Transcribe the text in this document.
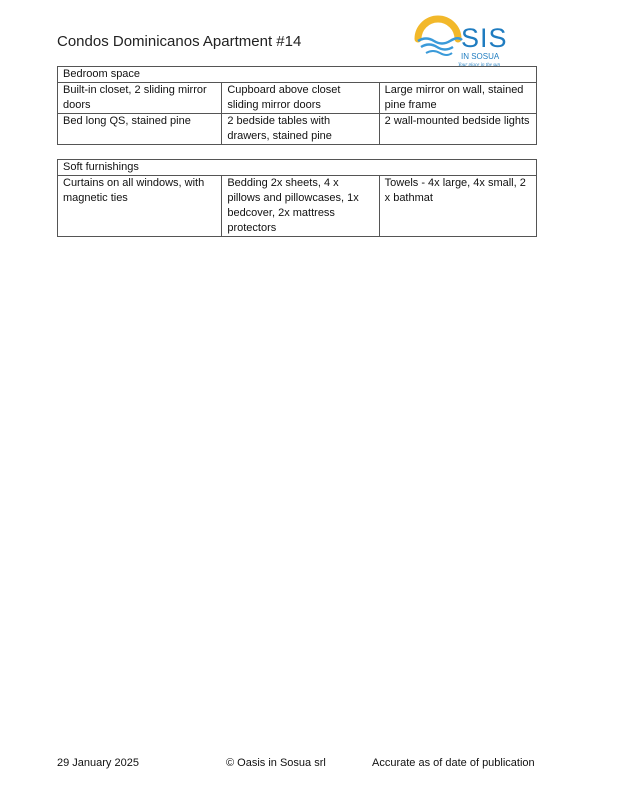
Condos Dominicanos Apartment #14	SIS
IN SOSUA
Your place in the sun
Bedroom space		
Built-in closet, 2 sliding mirror doors	Cupboard above closet sliding mirror doors	Large mirror on wall, stained pine frame
Bed long QS, stained pine	2 bedside tables with drawers, stained pine	2 wall-mounted bedside lights
Soft furnishings
Curtains on all windows, with magnetic ties	Bedding 2x sheets, 4 x pillows and pillowcases, 1x bedcover, 2x mattress protectors	Towels - 4x large, 4x small, 2 x bathmat
29 January 2025	© Oasis in Sosua srl	Accurate as of date of publication
